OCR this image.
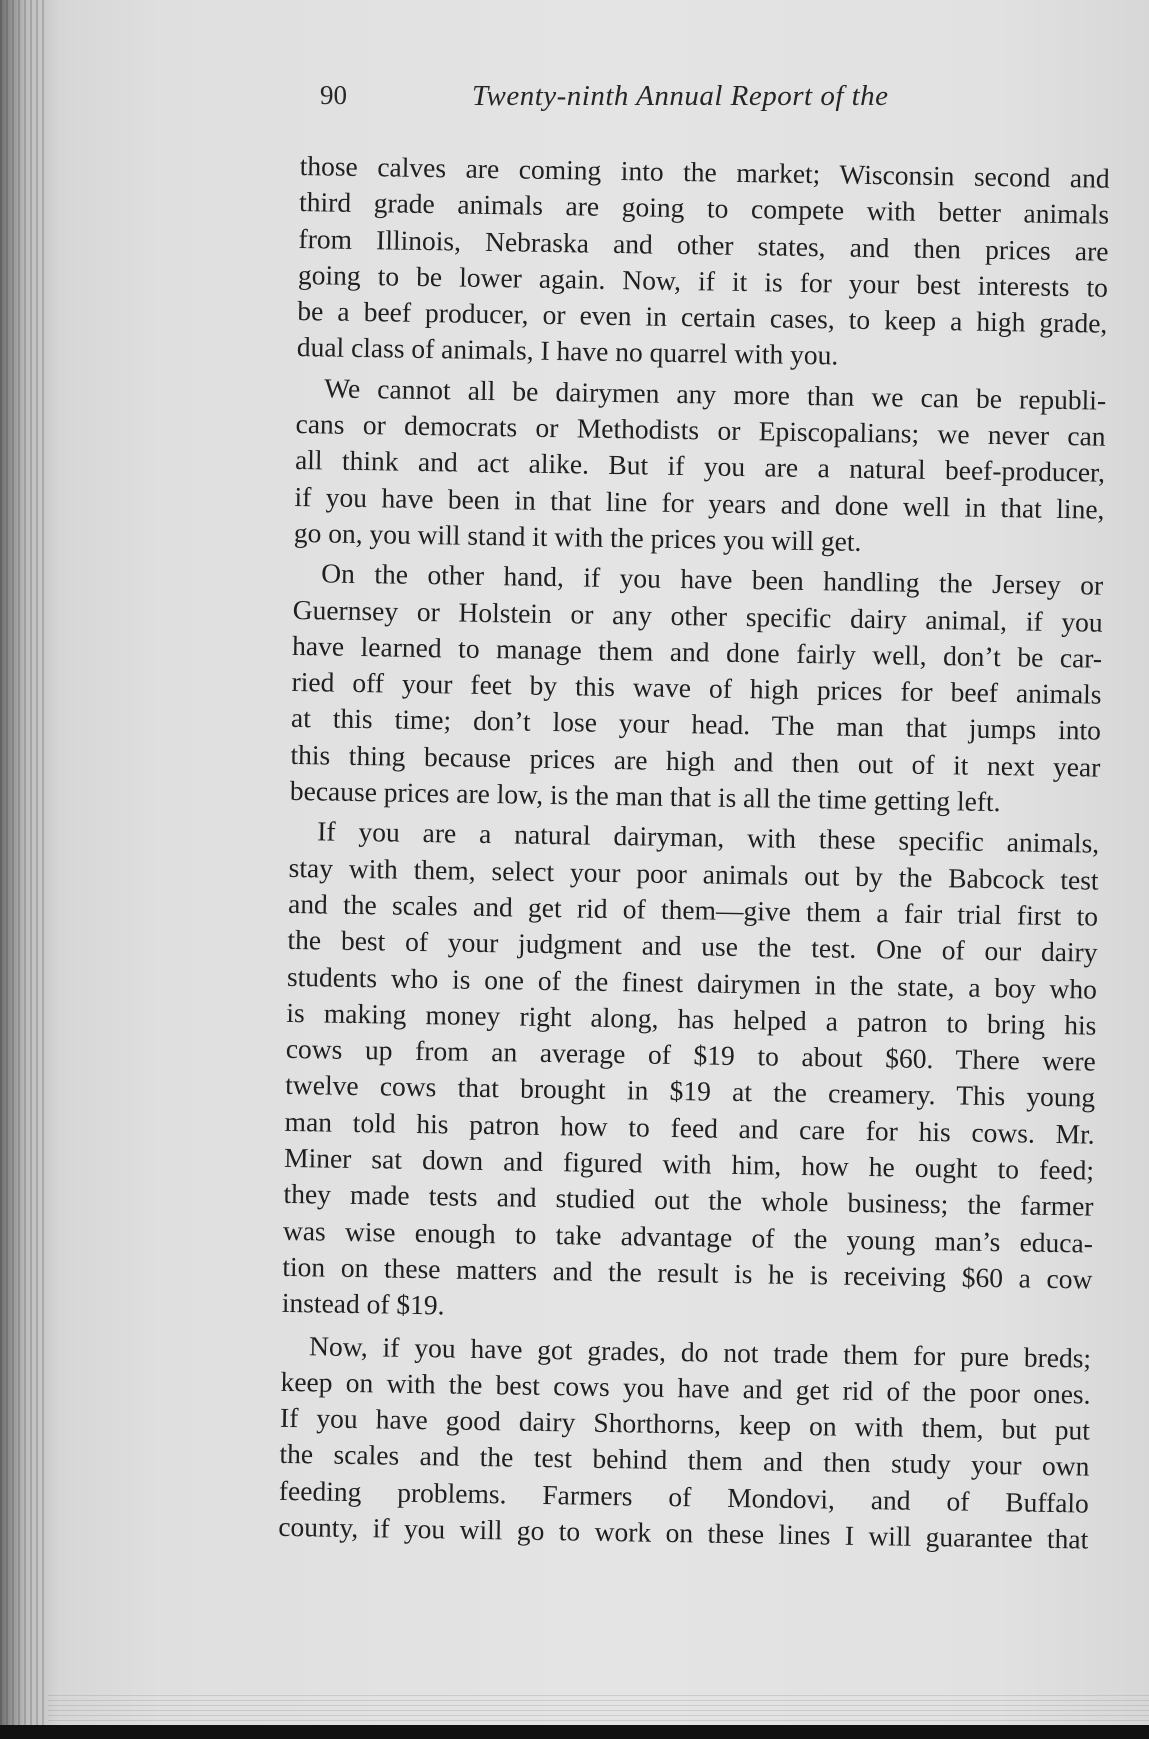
90	Twenty-ninth Annual Report of the
those calves are coming into the market; Wisconsin second and
third grade animals are going to compete with better animals
from Illinois, Nebraska and other states, and then prices are
going to be lower again. Now, if it is for your best interests to
be a beef producer, or even in certain cases, to keep a high grade,
dual class of animals, I have no quarrel with you.
We cannot all be dairymen any more than we can be republi-
cans or democrats or Methodists or Episcopalians; we never can
all think and act alike. But if you are a natural beef-producer,
if you have been in that line for years and done well in that line,
go on, you will stand it with the prices you will get.
On the other hand, if you have been handling the Jersey or
Guernsey or Holstein or any other specific dairy animal, if you
have learned to manage them and done fairly well, don’t be car-
ried off your feet by this wave of high prices for beef animals
at this time; don’t lose your head. The man that jumps into
this thing because prices are high and then out of it next year
because prices are low, is the man that is all the time getting left.
If you are a natural dairyman, with these specific animals,
stay with them, select your poor animals out by the Babcock test
and the scales and get rid of them—give them a fair trial first to
the best of your judgment and use the test. One of our dairy
students who is one of the finest dairymen in the state, a boy who
is making money right along, has helped a patron to bring his
cows up from an average of $19 to about $60. There were
twelve cows that brought in $19 at the creamery. This young
man told his patron how to feed and care for his cows. Mr.
Miner sat down and figured with him, how he ought to feed;
they made tests and studied out the whole business; the farmer
was wise enough to take advantage of the young man’s educa-
tion on these matters and the result is he is receiving $60 a cow
instead of $19.
Now, if you have got grades, do not trade them for pure breds;
keep on with the best cows you have and get rid of the poor ones.
If you have good dairy Shorthorns, keep on with them, but put
the scales and the test behind them and then study your own
feeding problems. Farmers of Mondovi, and of Buffalo
county, if you will go to work on these lines I will guarantee that
